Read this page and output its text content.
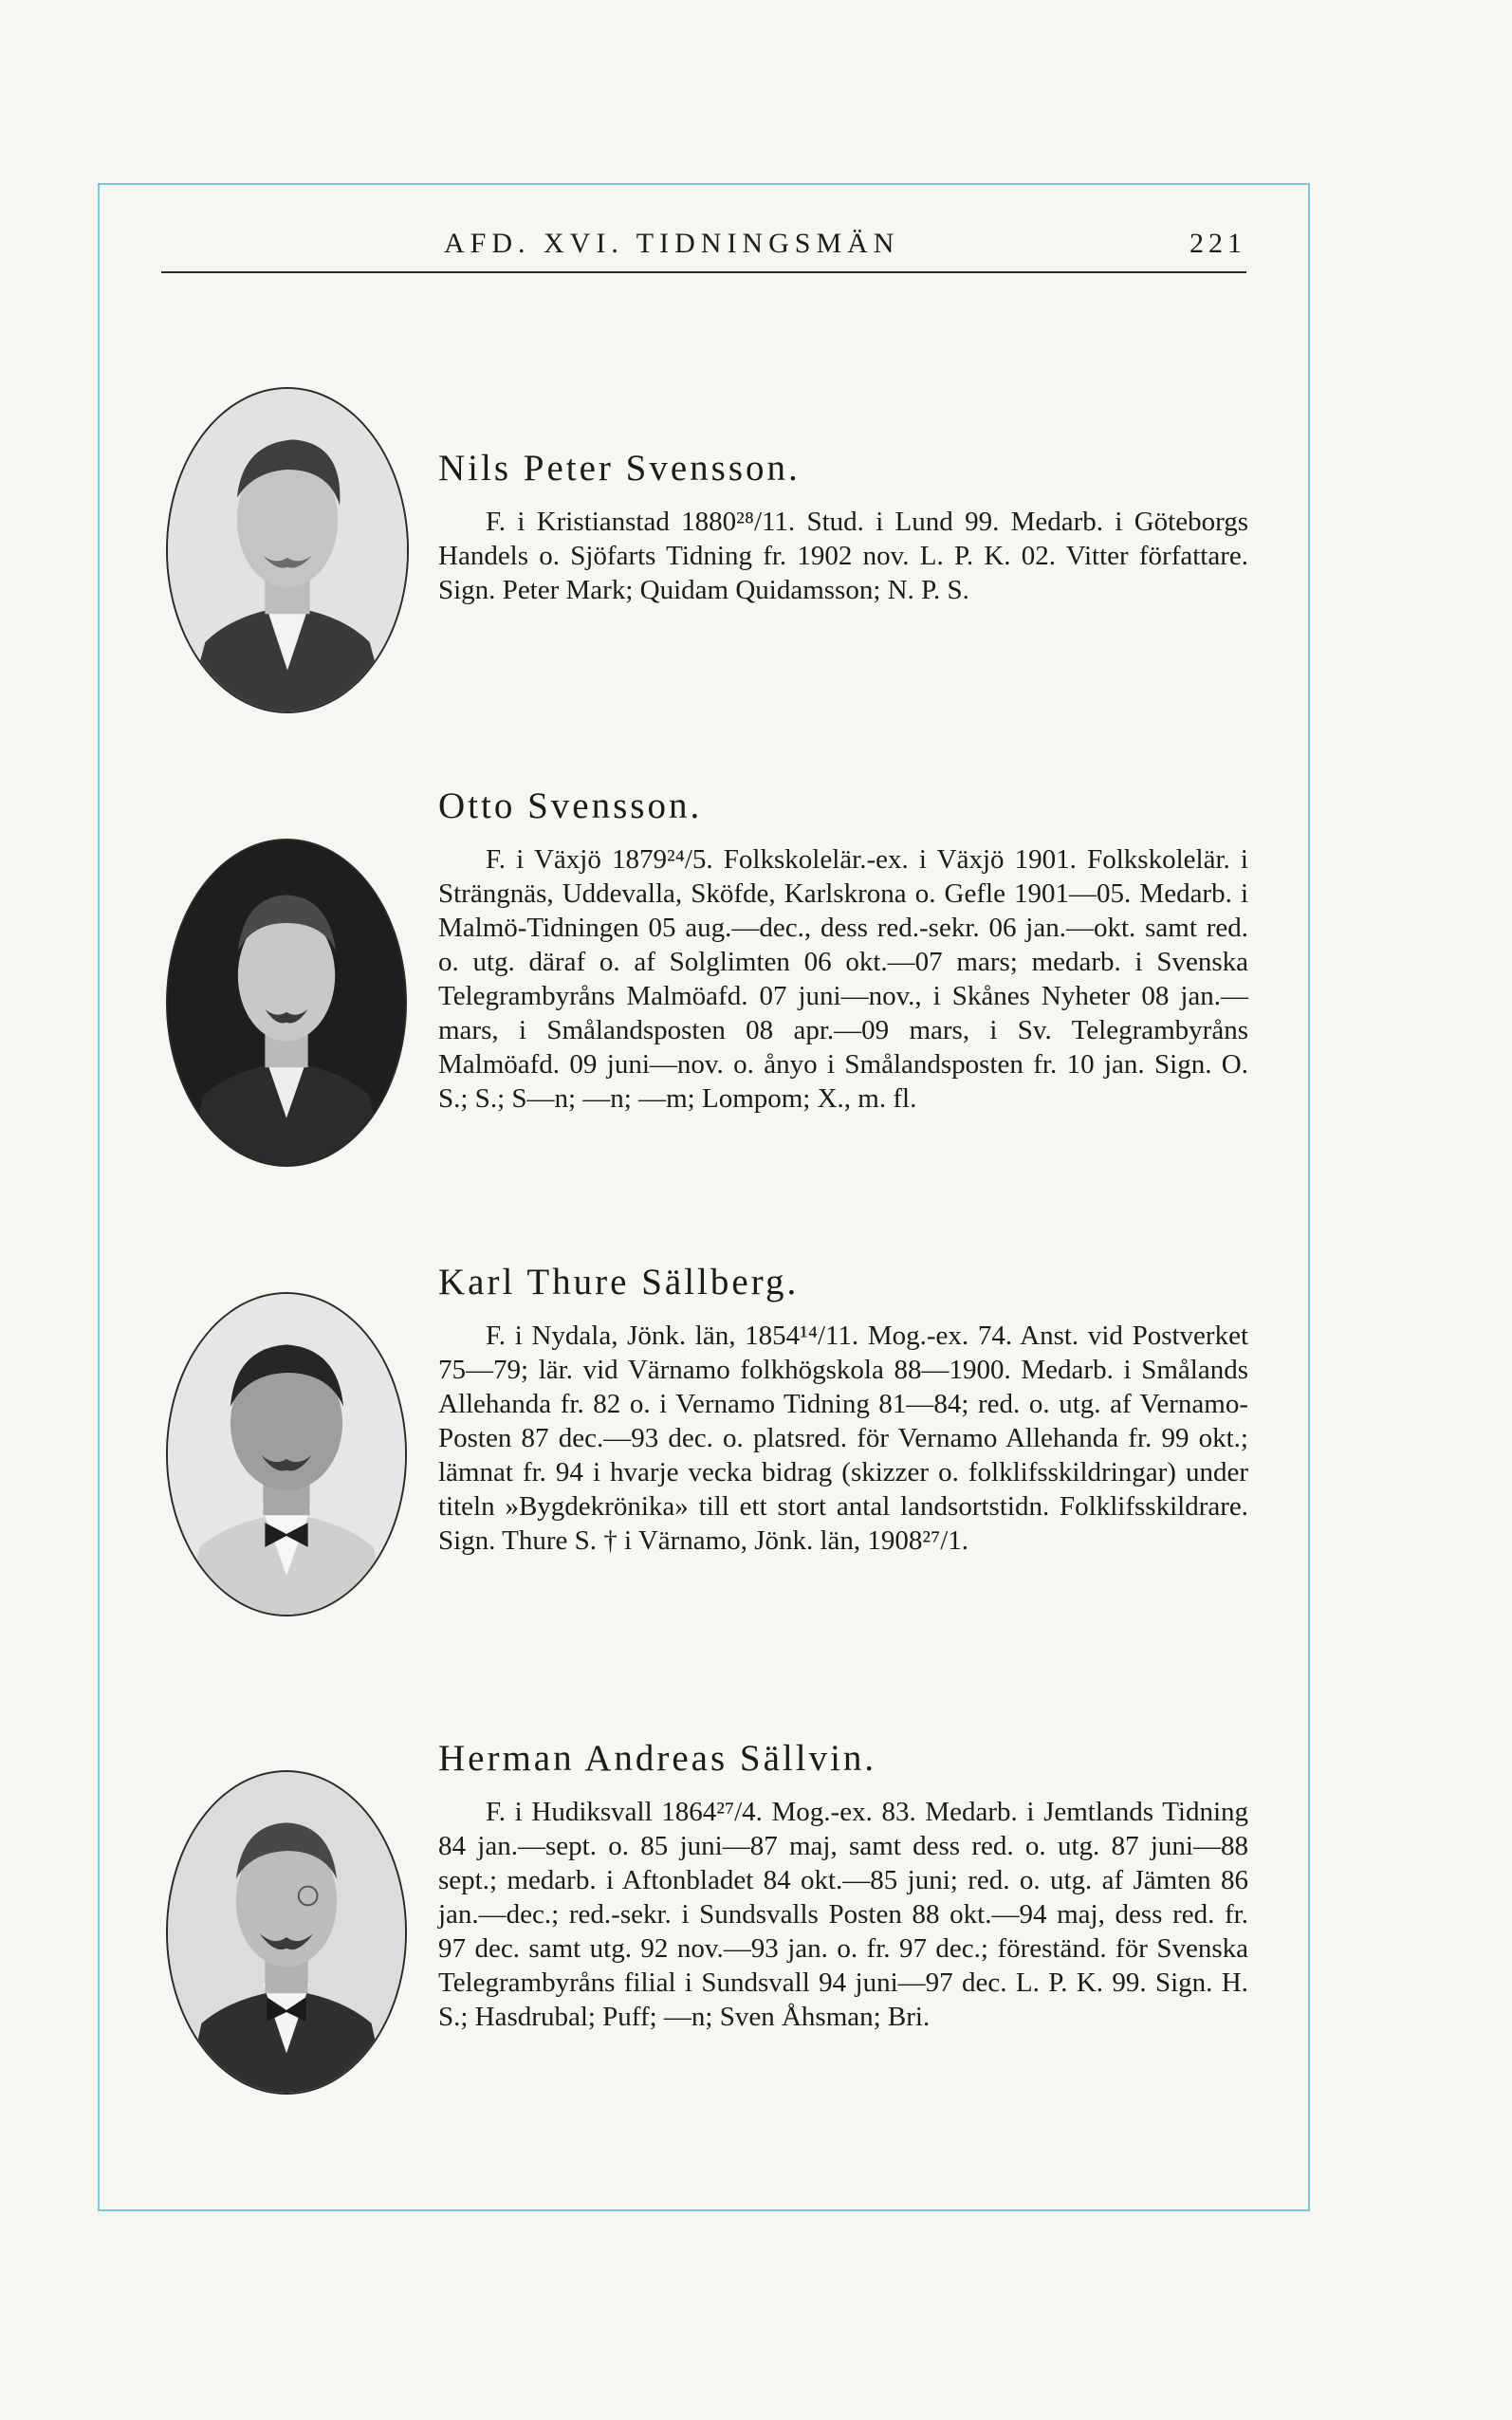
AFD. XVI. TIDNINGSMÄN	221
Nils Peter Svensson.

F. i Kristianstad 1880²⁸/11. Stud. i Lund 99. Medarb. i Göteborgs Handels o. Sjöfarts Tidning fr. 1902 nov. L. P. K. 02. Vitter författare. Sign. Peter Mark; Quidam Quidamsson; N. P. S.

Otto Svensson.

F. i Växjö 1879²⁴/5. Folkskolelär.-ex. i Växjö 1901. Folkskolelär. i Strängnäs, Uddevalla, Sköfde, Karlskrona o. Gefle 1901—05. Medarb. i Malmö-Tidningen 05 aug.—dec., dess red.-sekr. 06 jan.—okt. samt red. o. utg. däraf o. af Solglimten 06 okt.—07 mars; medarb. i Svenska Telegrambyråns Malmöafd. 07 juni—nov., i Skånes Nyheter 08 jan.—mars, i Smålandsposten 08 apr.—09 mars, i Sv. Telegrambyråns Malmöafd. 09 juni—nov. o. ånyo i Smålandsposten fr. 10 jan. Sign. O. S.; S.; S—n; —n; —m; Lompom; X., m. fl.

Karl Thure Sällberg.

F. i Nydala, Jönk. län, 1854¹⁴/11. Mog.-ex. 74. Anst. vid Postverket 75—79; lär. vid Värnamo folkhögskola 88—1900. Medarb. i Smålands Allehanda fr. 82 o. i Vernamo Tidning 81—84; red. o. utg. af Vernamo-Posten 87 dec.—93 dec. o. platsred. för Vernamo Allehanda fr. 99 okt.; lämnat fr. 94 i hvarje vecka bidrag (skizzer o. folklifsskildringar) under titeln »Bygdekrönika» till ett stort antal landsortstidn. Folklifsskildrare. Sign. Thure S. † i Värnamo, Jönk. län, 1908²⁷/1.

Herman Andreas Sällvin.

F. i Hudiksvall 1864²⁷/4. Mog.-ex. 83. Medarb. i Jemtlands Tidning 84 jan.—sept. o. 85 juni—87 maj, samt dess red. o. utg. 87 juni—88 sept.; medarb. i Aftonbladet 84 okt.—85 juni; red. o. utg. af Jämten 86 jan.—dec.; red.-sekr. i Sundsvalls Posten 88 okt.—94 maj, dess red. fr. 97 dec. samt utg. 92 nov.—93 jan. o. fr. 97 dec.; föreständ. för Svenska Telegrambyråns filial i Sundsvall 94 juni—97 dec. L. P. K. 99. Sign. H. S.; Hasdrubal; Puff; —n; Sven Åhsman; Bri.
